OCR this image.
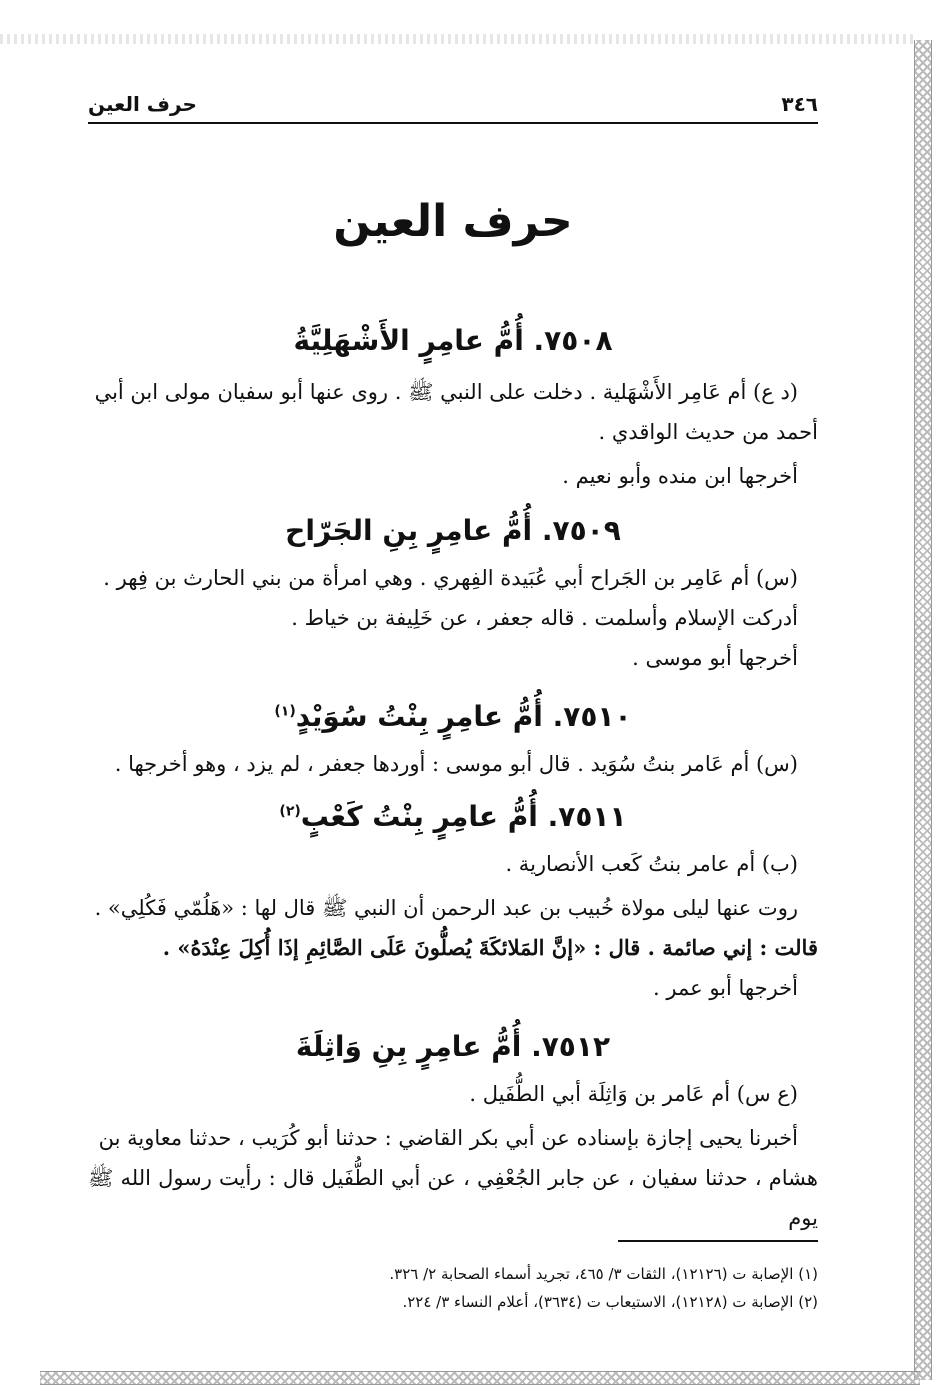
٣٤٦
حرف العين
حرف العين
٧٥٠٨. أُمُّ عامِرٍ الأَشْهَلِيَّةُ

(د ع) أم عَامِر الأَشْهَلية . دخلت على النبي ﷺ . روى عنها أبو سفيان مولى ابن أبي

أحمد من حديث الواقدي .

أخرجها ابن منده وأبو نعيم .

٧٥٠٩. أُمُّ عامِرٍ بِنِ الجَرّاح

(س) أم عَامِر بن الجَراح أبي عُبَيدة الفِهري . وهي امرأة من بني الحارث بن فِهر .

أدركت الإسلام وأسلمت . قاله جعفر ، عن خَلِيفة بن خياط .

أخرجها أبو موسى .

٧٥١٠. أُمُّ عامِرٍ بِنْتُ سُوَيْدٍ$^{(١)}$

(س) أم عَامر بنتُ سُوَيد . قال أبو موسى : أوردها جعفر ، لم يزد ، وهو أخرجها .

٧٥١١. أُمُّ عامِرٍ بِنْتُ كَعْبٍ$^{(٢)}$

(ب) أم عامر بنتُ كَعب الأنصارية .

روت عنها ليلى مولاة خُبيب بن عبد الرحمن أن النبي ﷺ قال لها : «هَلُمّي فَكُلِي» .

قالت : إني صائمة . قال : «إنَّ المَلائكَةَ يُصلُّونَ عَلَى الصَّائِمِ إذَا أُكِلَ عِنْدَهُ» .

أخرجها أبو عمر .

٧٥١٢. أُمُّ عامِرٍ بِنِ وَاثِلَةَ

(ع س) أم عَامر بن وَاثِلَة أبي الطُّفَيل .

أخبرنا يحيى إجازة بإسناده عن أبي بكر القاضي : حدثنا أبو كُرَيب ، حدثنا معاوية بن

هشام ، حدثنا سفيان ، عن جابر الجُعْفِي ، عن أبي الطُّفَيل قال : رأيت رسول الله ﷺ يوم

(١) الإصابة ت (١٢١٢٦)، الثقات ٣/ ٤٦٥، تجريد أسماء الصحابة ٢/ ٣٢٦.
(٢) الإصابة ت (١٢١٢٨)، الاستيعاب ت (٣٦٣٤)، أعلام النساء ٣/ ٢٢٤.
